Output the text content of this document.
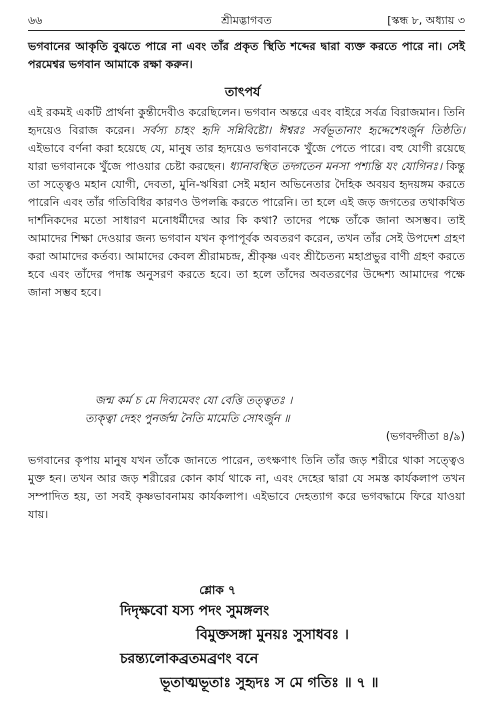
৬৬	শ্রীমদ্ভাগবত	[স্কন্ধ ৮, অধ্যায় ৩
ভগবানের আকৃতি বুঝতে পারে না এবং তাঁর প্রকৃত স্থিতি শব্দের দ্বারা ব্যক্ত করতে পারে না। সেই পরমেশ্বর ভগবান আমাকে রক্ষা করুন।
তাৎপর্য
এই রকমই একটি প্রার্থনা কুন্তীদেবীও করেছিলেন। ভগবান অন্তরে এবং বাইরে সর্বত্র বিরাজমান। তিনি হৃদয়েও বিরাজ করেন। সর্বস্য চাহং হৃদি সন্নিবিষ্টো। ঈশ্বরঃ সর্বভূতানাং হৃদ্দেশেঽর্জুন তিষ্ঠতি। এইভাবে বর্ণনা করা হয়েছে যে, মানুষ তার হৃদয়েও ভগবানকে খুঁজে পেতে পারে। বহু যোগী রয়েছে যারা ভগবানকে খুঁজে পাওয়ার চেষ্টা করছেন। ধ্যানাবস্থিত তদ্গতেন মনসা পশ্যন্তি যং যোগিনঃ। কিন্তু তা সত্ত্বেও মহান যোগী, দেবতা, মুনি-ঋষিরা সেই মহান অভিনেতার দৈহিক অবয়ব হৃদয়ঙ্গম করতে পারেনি এবং তাঁর গতিবিধির কারণও উপলব্ধি করতে পারেনি। তা হলে এই জড় জগতের তথাকথিত দার্শনিকদের মতো সাধারণ মনোধর্মীদের আর কি কথা? তাদের পক্ষে তাঁকে জানা অসম্ভব। তাই আমাদের শিক্ষা দেওয়ার জন্য ভগবান যখন কৃপাপূর্বক অবতরণ করেন, তখন তাঁর সেই উপদেশ গ্রহণ করা আমাদের কর্তব্য। আমাদের কেবল শ্রীরামচন্দ্র, শ্রীকৃষ্ণ এবং শ্রীচৈতন্য মহাপ্রভুর বাণী গ্রহণ করতে হবে এবং তাঁদের পদাঙ্ক অনুসরণ করতে হবে। তা হলে তাঁদের অবতরণের উদ্দেশ্য আমাদের পক্ষে জানা সম্ভব হবে।
জন্ম কর্ম চ মে দিব্যমেবং যো বেত্তি তত্ত্বতঃ ।
ত্যক্ত্বা দেহং পুনর্জন্ম নৈতি মামেতি সোঽর্জুন ॥
(ভগবদ্গীতা ৪/৯)
ভগবানের কৃপায় মানুষ যখন তাঁকে জানতে পারেন, তৎক্ষণাৎ তিনি তাঁর জড় শরীরে থাকা সত্ত্বেও মুক্ত হন। তখন আর জড় শরীরের কোন কার্য থাকে না, এবং দেহের দ্বারা যে সমস্ত কার্যকলাপ তখন সম্পাদিত হয়, তা সবই কৃষ্ণভাবনাময় কার্যকলাপ। এইভাবে দেহত্যাগ করে ভগবদ্ধামে ফিরে যাওয়া যায়।
শ্লোক ৭
দিদৃক্ষবো যস্য পদং সুমঙ্গলং
বিমুক্তসঙ্গা মুনয়ঃ সুসাধবঃ ।
চরন্ত্যলোকব্রতমব্রণং বনে
ভূতাত্মভূতাঃ সুহৃদঃ স মে গতিঃ ॥ ৭ ॥
